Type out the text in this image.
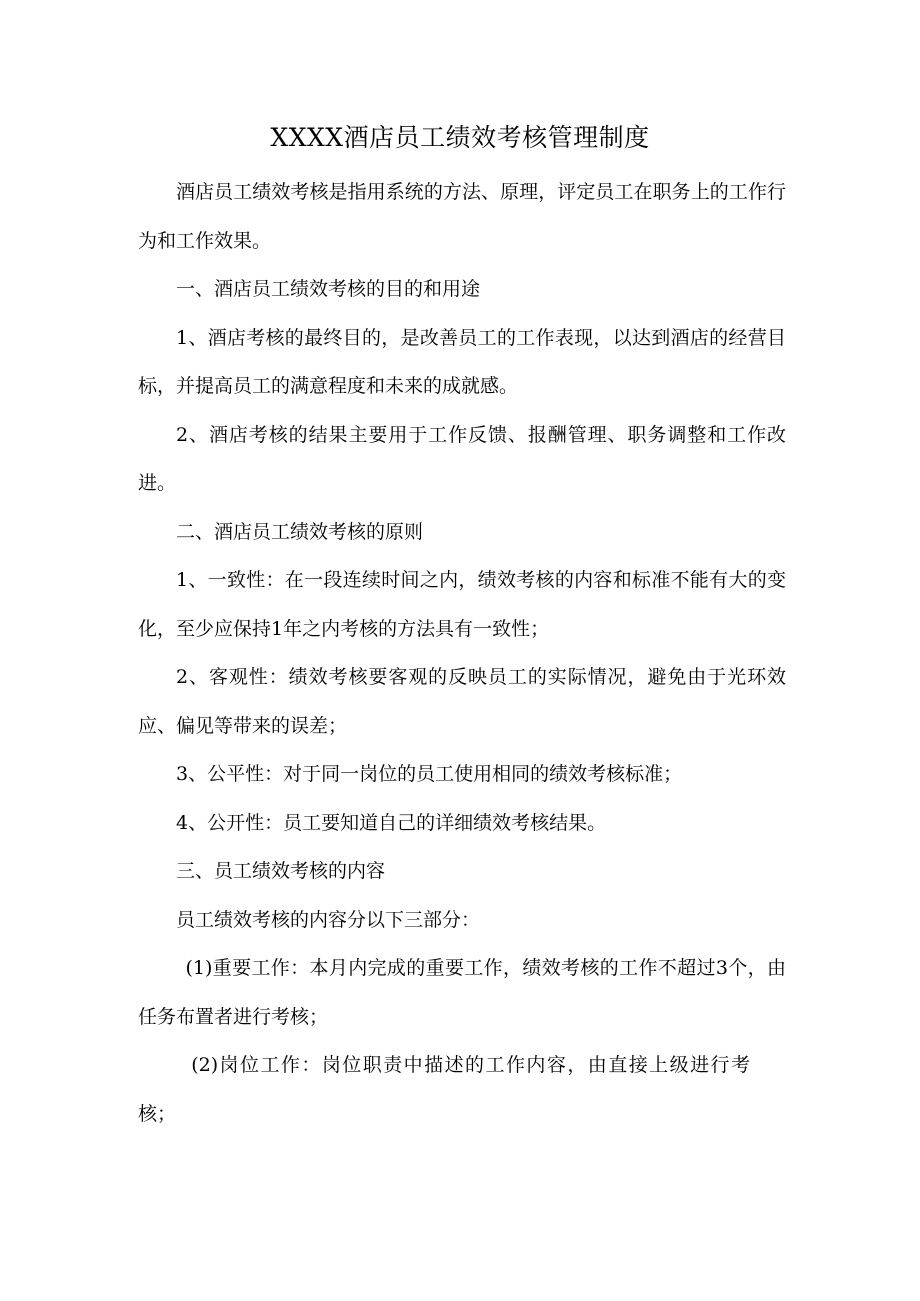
XXXX酒店员工绩效考核管理制度

酒店员工绩效考核是指用系统的方法、原理，评定员工在职务上的工作行为和工作效果。

一、酒店员工绩效考核的目的和用途

1、酒店考核的最终目的，是改善员工的工作表现，以达到酒店的经营目标，并提高员工的满意程度和未来的成就感。

2、酒店考核的结果主要用于工作反馈、报酬管理、职务调整和工作改进。

二、酒店员工绩效考核的原则

1、一致性：在一段连续时间之内，绩效考核的内容和标准不能有大的变化，至少应保持1年之内考核的方法具有一致性；

2、客观性：绩效考核要客观的反映员工的实际情况，避免由于光环效应、偏见等带来的误差；

3、公平性：对于同一岗位的员工使用相同的绩效考核标准；

4、公开性：员工要知道自己的详细绩效考核结果。

三、员工绩效考核的内容

员工绩效考核的内容分以下三部分：

(1)重要工作：本月内完成的重要工作，绩效考核的工作不超过3个，由任务布置者进行考核；

(2)岗位工作：岗位职责中描述的工作内容，由直接上级进行考核；
